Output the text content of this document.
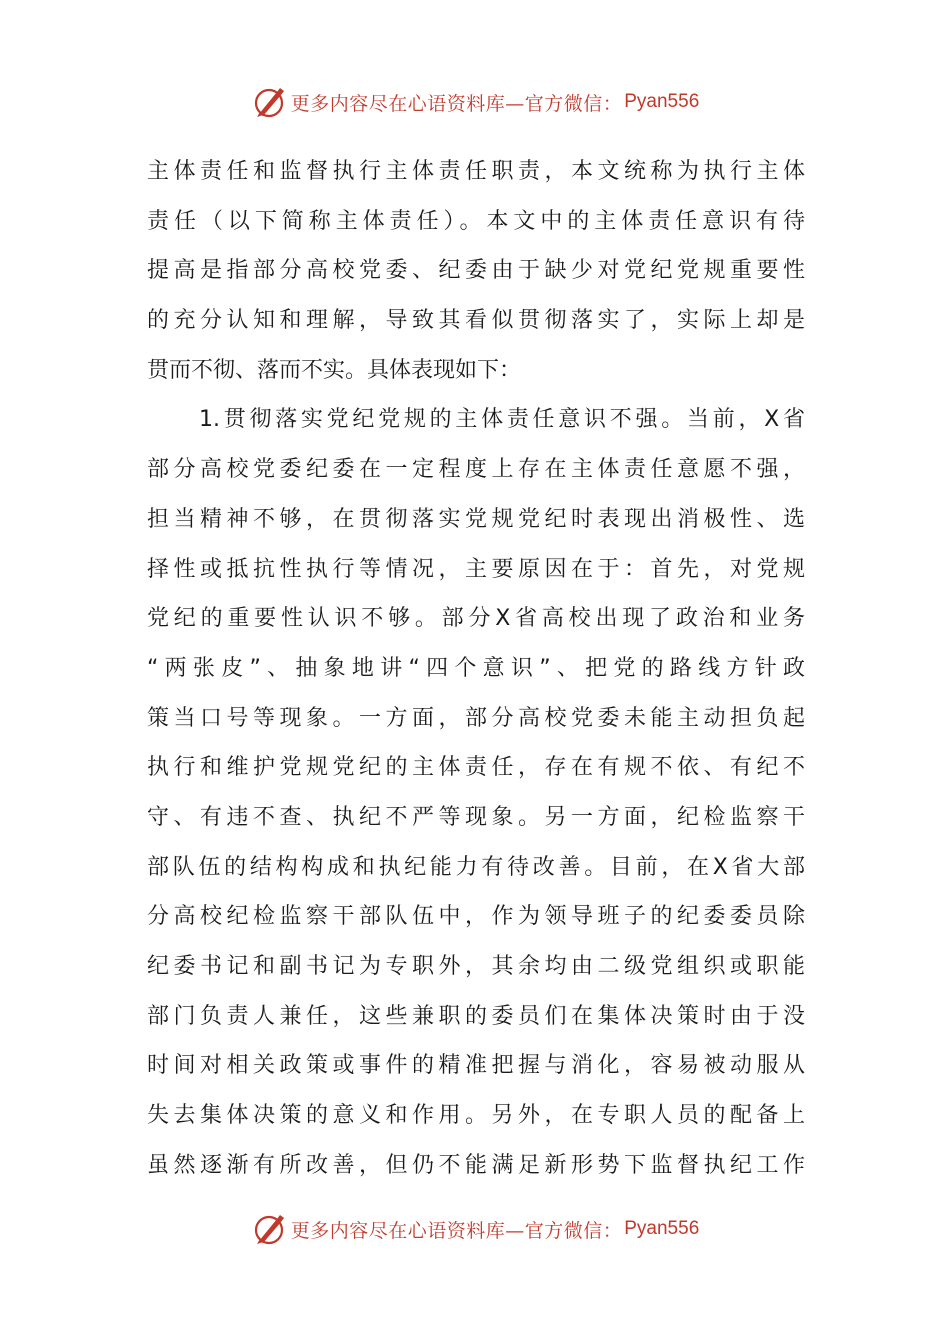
更多内容尽在心语资料库—官方微信： Pyan556
主体责任和监督执行主体责任职责，本文统称为执行主体
责任（以下简称主体责任）。本文中的主体责任意识有待
提高是指部分高校党委、纪委由于缺少对党纪党规重要性
的充分认知和理解，导致其看似贯彻落实了，实际上却是
贯而不彻、落而不实。具体表现如下：
1.贯彻落实党纪党规的主体责任意识不强。当前，X省
部分高校党委纪委在一定程度上存在主体责任意愿不强，
担当精神不够，在贯彻落实党规党纪时表现出消极性、选
择性或抵抗性执行等情况，主要原因在于：首先，对党规
党纪的重要性认识不够。部分X省高校出现了政治和业务
“两张皮”、抽象地讲“四个意识”、把党的路线方针政
策当口号等现象。一方面，部分高校党委未能主动担负起
执行和维护党规党纪的主体责任，存在有规不依、有纪不
守、有违不查、执纪不严等现象。另一方面，纪检监察干
部队伍的结构构成和执纪能力有待改善。目前，在X省大部
分高校纪检监察干部队伍中，作为领导班子的纪委委员除
纪委书记和副书记为专职外，其余均由二级党组织或职能
部门负责人兼任，这些兼职的委员们在集体决策时由于没
时间对相关政策或事件的精准把握与消化，容易被动服从
失去集体决策的意义和作用。另外，在专职人员的配备上
虽然逐渐有所改善，但仍不能满足新形势下监督执纪工作
更多内容尽在心语资料库—官方微信： Pyan556
